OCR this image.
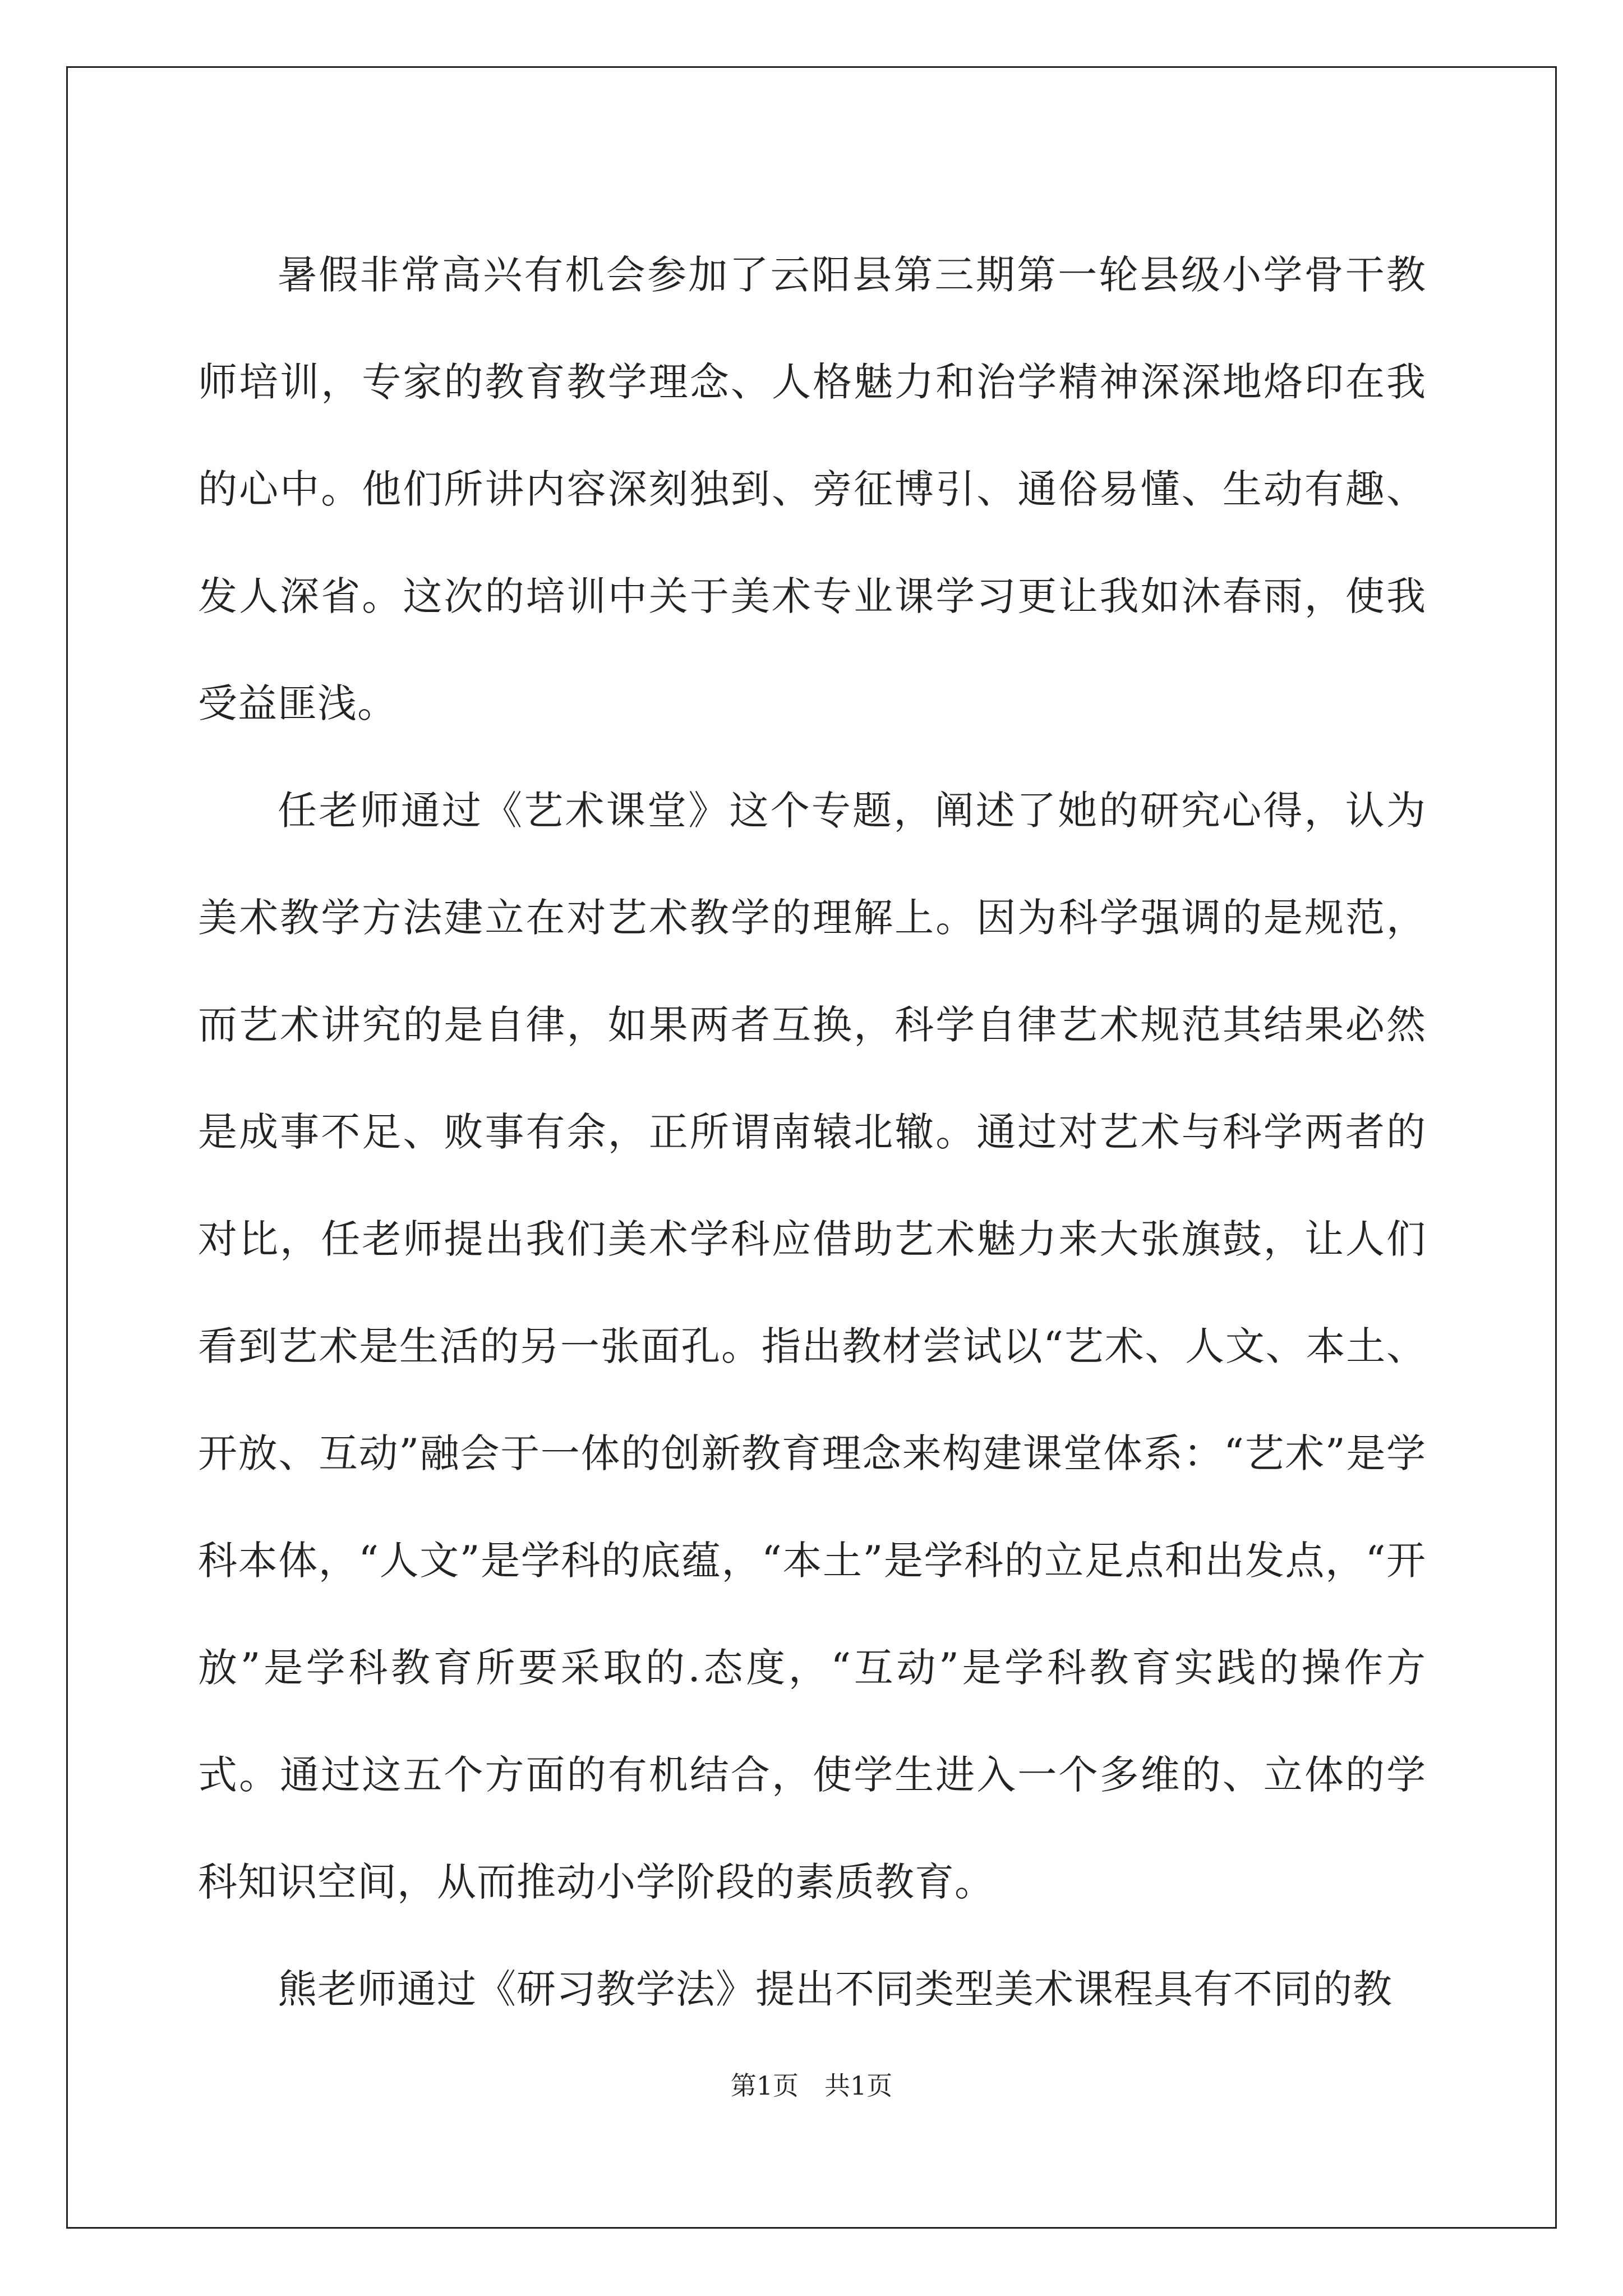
暑假非常高兴有机会参加了云阳县第三期第一轮县级小学骨干教师培训，专家的教育教学理念、人格魅力和治学精神深深地烙印在我的心中。他们所讲内容深刻独到、旁征博引、通俗易懂、生动有趣、发人深省。这次的培训中关于美术专业课学习更让我如沐春雨，使我受益匪浅。

任老师通过《艺术课堂》这个专题，阐述了她的研究心得，认为美术教学方法建立在对艺术教学的理解上。因为科学强调的是规范，而艺术讲究的是自律，如果两者互换，科学自律艺术规范其结果必然是成事不足、败事有余，正所谓南辕北辙。通过对艺术与科学两者的对比，任老师提出我们美术学科应借助艺术魅力来大张旗鼓，让人们看到艺术是生活的另一张面孔。指出教材尝试以“艺术、人文、本土、开放、互动”融会于一体的创新教育理念来构建课堂体系：“艺术”是学科本体，“人文”是学科的底蕴，“本土”是学科的立足点和出发点，“开放”是学科教育所要采取的.态度，“互动”是学科教育实践的操作方式。通过这五个方面的有机结合，使学生进入一个多维的、立体的学科知识空间，从而推动小学阶段的素质教育。

熊老师通过《研习教学法》提出不同类型美术课程具有不同的教

第1页　共1页
